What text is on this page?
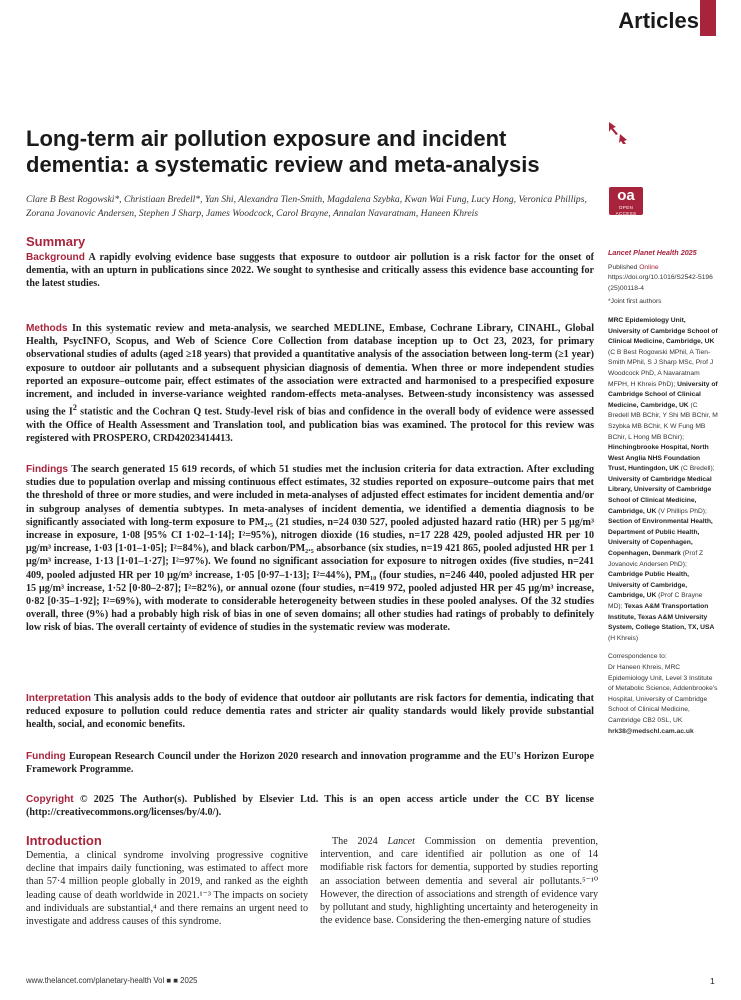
Articles
Long-term air pollution exposure and incident dementia: a systematic review and meta-analysis
Clare B Best Rogowski*, Christiaan Bredell*, Yan Shi, Alexandra Tien-Smith, Magdalena Szybka, Kwan Wai Fung, Lucy Hong, Veronica Phillips, Zorana Jovanovic Andersen, Stephen J Sharp, James Woodcock, Carol Brayne, Annalan Navaratnam, Haneen Khreis
oa
OPEN ACCESS
Summary
Background A rapidly evolving evidence base suggests that exposure to outdoor air pollution is a risk factor for the onset of dementia, with an upturn in publications since 2022. We sought to synthesise and critically assess this evidence base accounting for the latest studies.
Methods In this systematic review and meta-analysis, we searched MEDLINE, Embase, Cochrane Library, CINAHL, Global Health, PsycINFO, Scopus, and Web of Science Core Collection from database inception up to Oct 23, 2023, for primary observational studies of adults (aged ≥18 years) that provided a quantitative analysis of the association between long-term (≥1 year) exposure to outdoor air pollutants and a subsequent physician diagnosis of dementia. When three or more independent studies reported an exposure–outcome pair, effect estimates of the association were extracted and harmonised to a prespecified exposure increment, and included in inverse-variance weighted random-effects meta-analyses. Between-study inconsistency was assessed using the $I^2$ statistic and the Cochran Q test. Study-level risk of bias and confidence in the overall body of evidence were assessed with the Office of Health Assessment and Translation tool, and publication bias was examined. The protocol for this review was registered with PROSPERO, CRD42023414413.
Findings The search generated 15 619 records, of which 51 studies met the inclusion criteria for data extraction. After excluding studies due to population overlap and missing continuous effect estimates, 32 studies reported on exposure–outcome pairs that met the threshold of three or more studies, and were included in meta-analyses of adjusted effect estimates for incident dementia and/or in subgroup analyses of dementia subtypes. In meta-analyses of incident dementia, we identified a dementia diagnosis to be significantly associated with long-term exposure to PM₂.₅ (21 studies, n=24 030 527, pooled adjusted hazard ratio (HR) per 5 μg/m³ increase in exposure, 1·08 [95% CI 1·02–1·14]; I²=95%), nitrogen dioxide (16 studies, n=17 228 429, pooled adjusted HR per 10 μg/m³ increase, 1·03 [1·01–1·05]; I²=84%), and black carbon/PM₂.₅ absorbance (six studies, n=19 421 865, pooled adjusted HR per 1 μg/m³ increase, 1·13 [1·01–1·27]; I²=97%). We found no significant association for exposure to nitrogen oxides (five studies, n=241 409, pooled adjusted HR per 10 μg/m³ increase, 1·05 [0·97–1·13]; I²=44%), PM₁₀ (four studies, n=246 440, pooled adjusted HR per 15 μg/m³ increase, 1·52 [0·80–2·87]; I²=82%), or annual ozone (four studies, n=419 972, pooled adjusted HR per 45 μg/m³ increase, 0·82 [0·35–1·92]; I²=69%), with moderate to considerable heterogeneity between studies in these pooled analyses. Of the 32 studies overall, three (9%) had a probably high risk of bias in one of seven domains; all other studies had ratings of probably to definitely low risk of bias. The overall certainty of evidence of studies in the systematic review was moderate.
Interpretation This analysis adds to the body of evidence that outdoor air pollutants are risk factors for dementia, indicating that reduced exposure to pollution could reduce dementia rates and stricter air quality standards would likely provide substantial health, social, and economic benefits.
Funding European Research Council under the Horizon 2020 research and innovation programme and the EU's Horizon Europe Framework Programme.
Copyright © 2025 The Author(s). Published by Elsevier Ltd. This is an open access article under the CC BY license (http://creativecommons.org/licenses/by/4.0/).
Introduction
Dementia, a clinical syndrome involving progressive cognitive decline that impairs daily functioning, was estimated to affect more than 57·4 million people globally in 2019, and ranked as the eighth leading cause of death worldwide in 2021.¹⁻³ The impacts on society and individuals are substantial,⁴ and there remains an urgent need to investigate and address causes of this syndrome.
The 2024 Lancet Commission on dementia prevention, intervention, and care identified air pollution as one of 14 modifiable risk factors for dementia, supported by studies reporting an association between dementia and several air pollutants.⁵⁻¹⁰ However, the direction of associations and strength of evidence vary by pollutant and study, highlighting uncertainty and heterogeneity in the evidence base. Considering the then-emerging nature of studies
Lancet Planet Health 2025
Published Online
https://doi.org/10.1016/S2542-5196(25)00118-4
*Joint first authors
MRC Epidemiology Unit, University of Cambridge School of Clinical Medicine, Cambridge, UK (C B Best Rogowski MPhil, A Tien-Smith MPhil, S J Sharp MSc, Prof J Woodcock PhD, A Navaratnam MFPH, H Khreis PhD); University of Cambridge School of Clinical Medicine, Cambridge, UK (C Bredell MB BChir, Y Shi MB BChir, M Szybka MB BChir, K W Fung MB BChir, L Hong MB BChir); Hinchingbrooke Hospital, North West Anglia NHS Foundation Trust, Huntingdon, UK (C Bredell); University of Cambridge Medical Library, University of Cambridge School of Clinical Medicine, Cambridge, UK (V Phillips PhD); Section of Environmental Health, Department of Public Health, University of Copenhagen, Copenhagen, Denmark (Prof Z Jovanovic Andersen PhD); Cambridge Public Health, University of Cambridge, Cambridge, UK (Prof C Brayne MD); Texas A&M Transportation Institute, Texas A&M University System, College Station, TX, USA (H Khreis)
Correspondence to:
Dr Haneen Khreis, MRC Epidemiology Unit, Level 3 Institute of Metabolic Science, Addenbrooke's Hospital, University of Cambridge School of Clinical Medicine, Cambridge CB2 0SL, UK
hrk38@medschl.cam.ac.uk
www.thelancet.com/planetary-health Vol ■ ■ 2025	1
